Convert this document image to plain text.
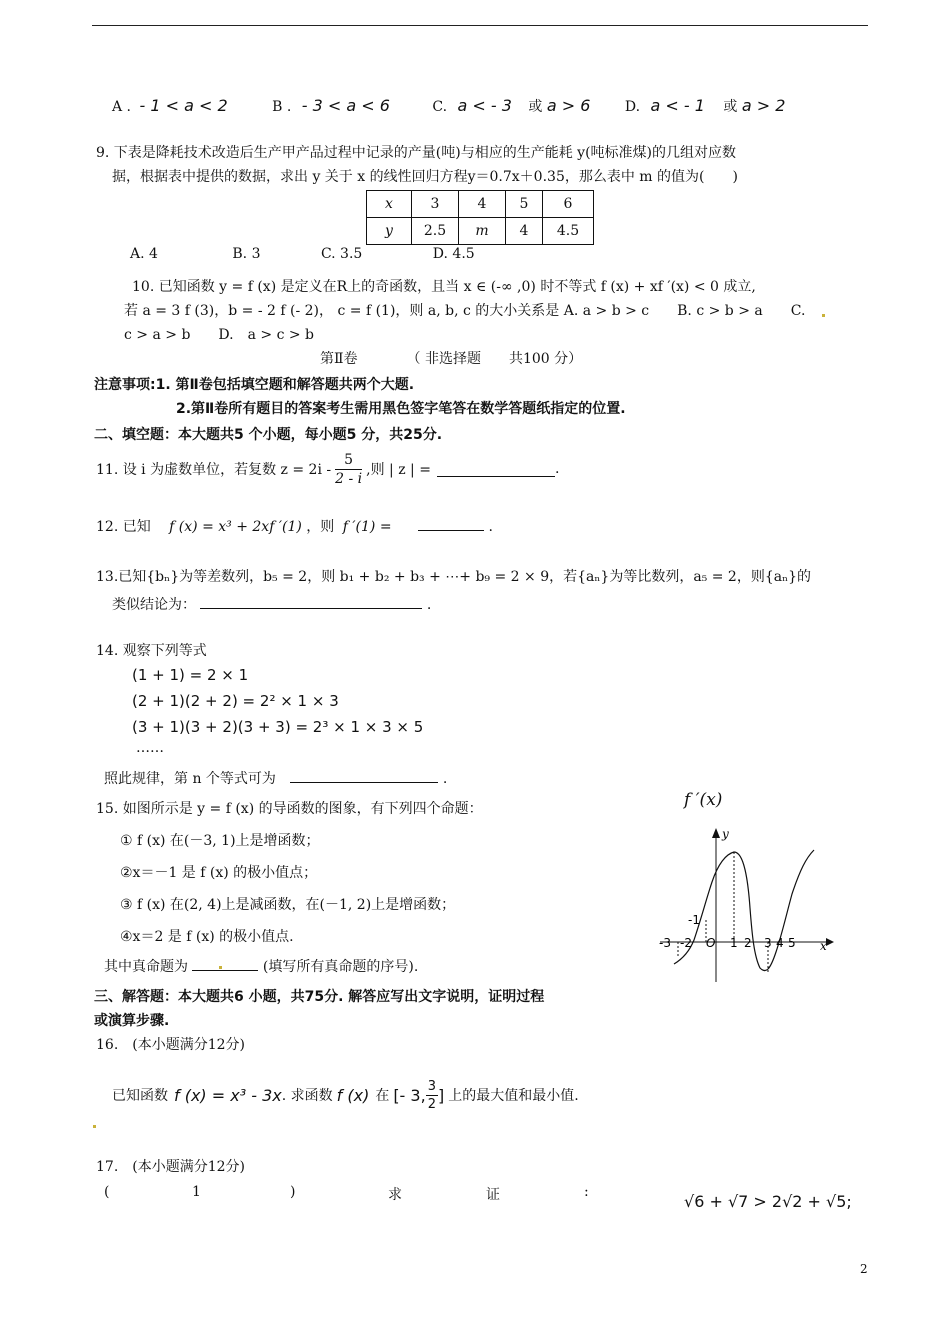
A . - 1 < a < 2	B . - 3 < a < 6	C. a < - 3 或 a > 6 D. a < - 1 或 a > 2
9. 下表是降耗技术改造后生产甲产品过程中记录的产量(吨)与相应的生产能耗 y(吨标准煤)的几组对应数
据，根据表中提供的数据，求出 y 关于 x 的线性回归方程y＝0.7x＋0.35，那么表中 m 的值为(　　)
x	3	4	5	6
y	2.5	m	4	4.5
A. 4	B. 3	C. 3.5	D. 4.5
10. 已知函数 y = f (x) 是定义在R上的奇函数，且当 x ∈ (-∞ ,0) 时不等式 f (x) + xf ′(x) < 0 成立,
若 a = 3 f (3)，b = - 2 f (- 2)， c = f (1)，则 a, b, c 的大小关系是 A. a > b > c　　B. c > b > a　　C.
c > a > b　　D.　a > c > b
第Ⅱ卷　　　　（ 非选择题　　共100 分）
注意事项:1. 第Ⅱ卷包括填空题和解答题共两个大题.
2.第Ⅱ卷所有题目的答案考生需用黑色签字笔答在数学答题纸指定的位置.
二、填空题：本大题共5 个小题，每小题5 分，共25分.
11. 设 i 为虚数单位，若复数 $z = 2i - \frac{5}{2 - i}$ ,则 | z | =	.
12. 已知 f (x) = x³ + 2xf ′(1) ，则 f ′(1) =	.
13.已知{bₙ}为等差数列，b₅ = 2，则 b₁ + b₂ + b₃ + ⋯+ b₉ = 2 × 9，若{aₙ}为等比数列，a₅ = 2，则{aₙ}的
类似结论为：	.
14. 观察下列等式
(1 + 1) = 2 × 1
(2 + 1)(2 + 2) = 2² × 1 × 3
(3 + 1)(3 + 2)(3 + 3) = 2³ × 1 × 3 × 5
……
照此规律，第 n 个等式可为	.
15. 如图所示是 y = f (x) 的导函数的图象，有下列四个命题：
① f (x) 在(－3, 1)上是增函数；
②x＝－1 是 f (x) 的极小值点；
③ f (x) 在(2, 4)上是减函数，在(－1, 2)上是增函数；
④x＝2 是 f (x) 的极小值点.
其中真命题为	(填写所有真命题的序号).
f ′(x)
y
x
-3 -2 O 1 2 3 4 5
-1
三、解答题：本大题共6 小题，共75分. 解答应写出文字说明，证明过程
或演算步骤.
16.　(本小题满分12分)
已知函数 f (x) = x³ - 3x . 求函数 f (x) 在 [- 3, $\frac{3}{2}$ ] 上的最大值和最小值.
17.　(本小题满分12分)
(	1	)	求	证	:	√6 + √7 > 2√2 + √5;
2
